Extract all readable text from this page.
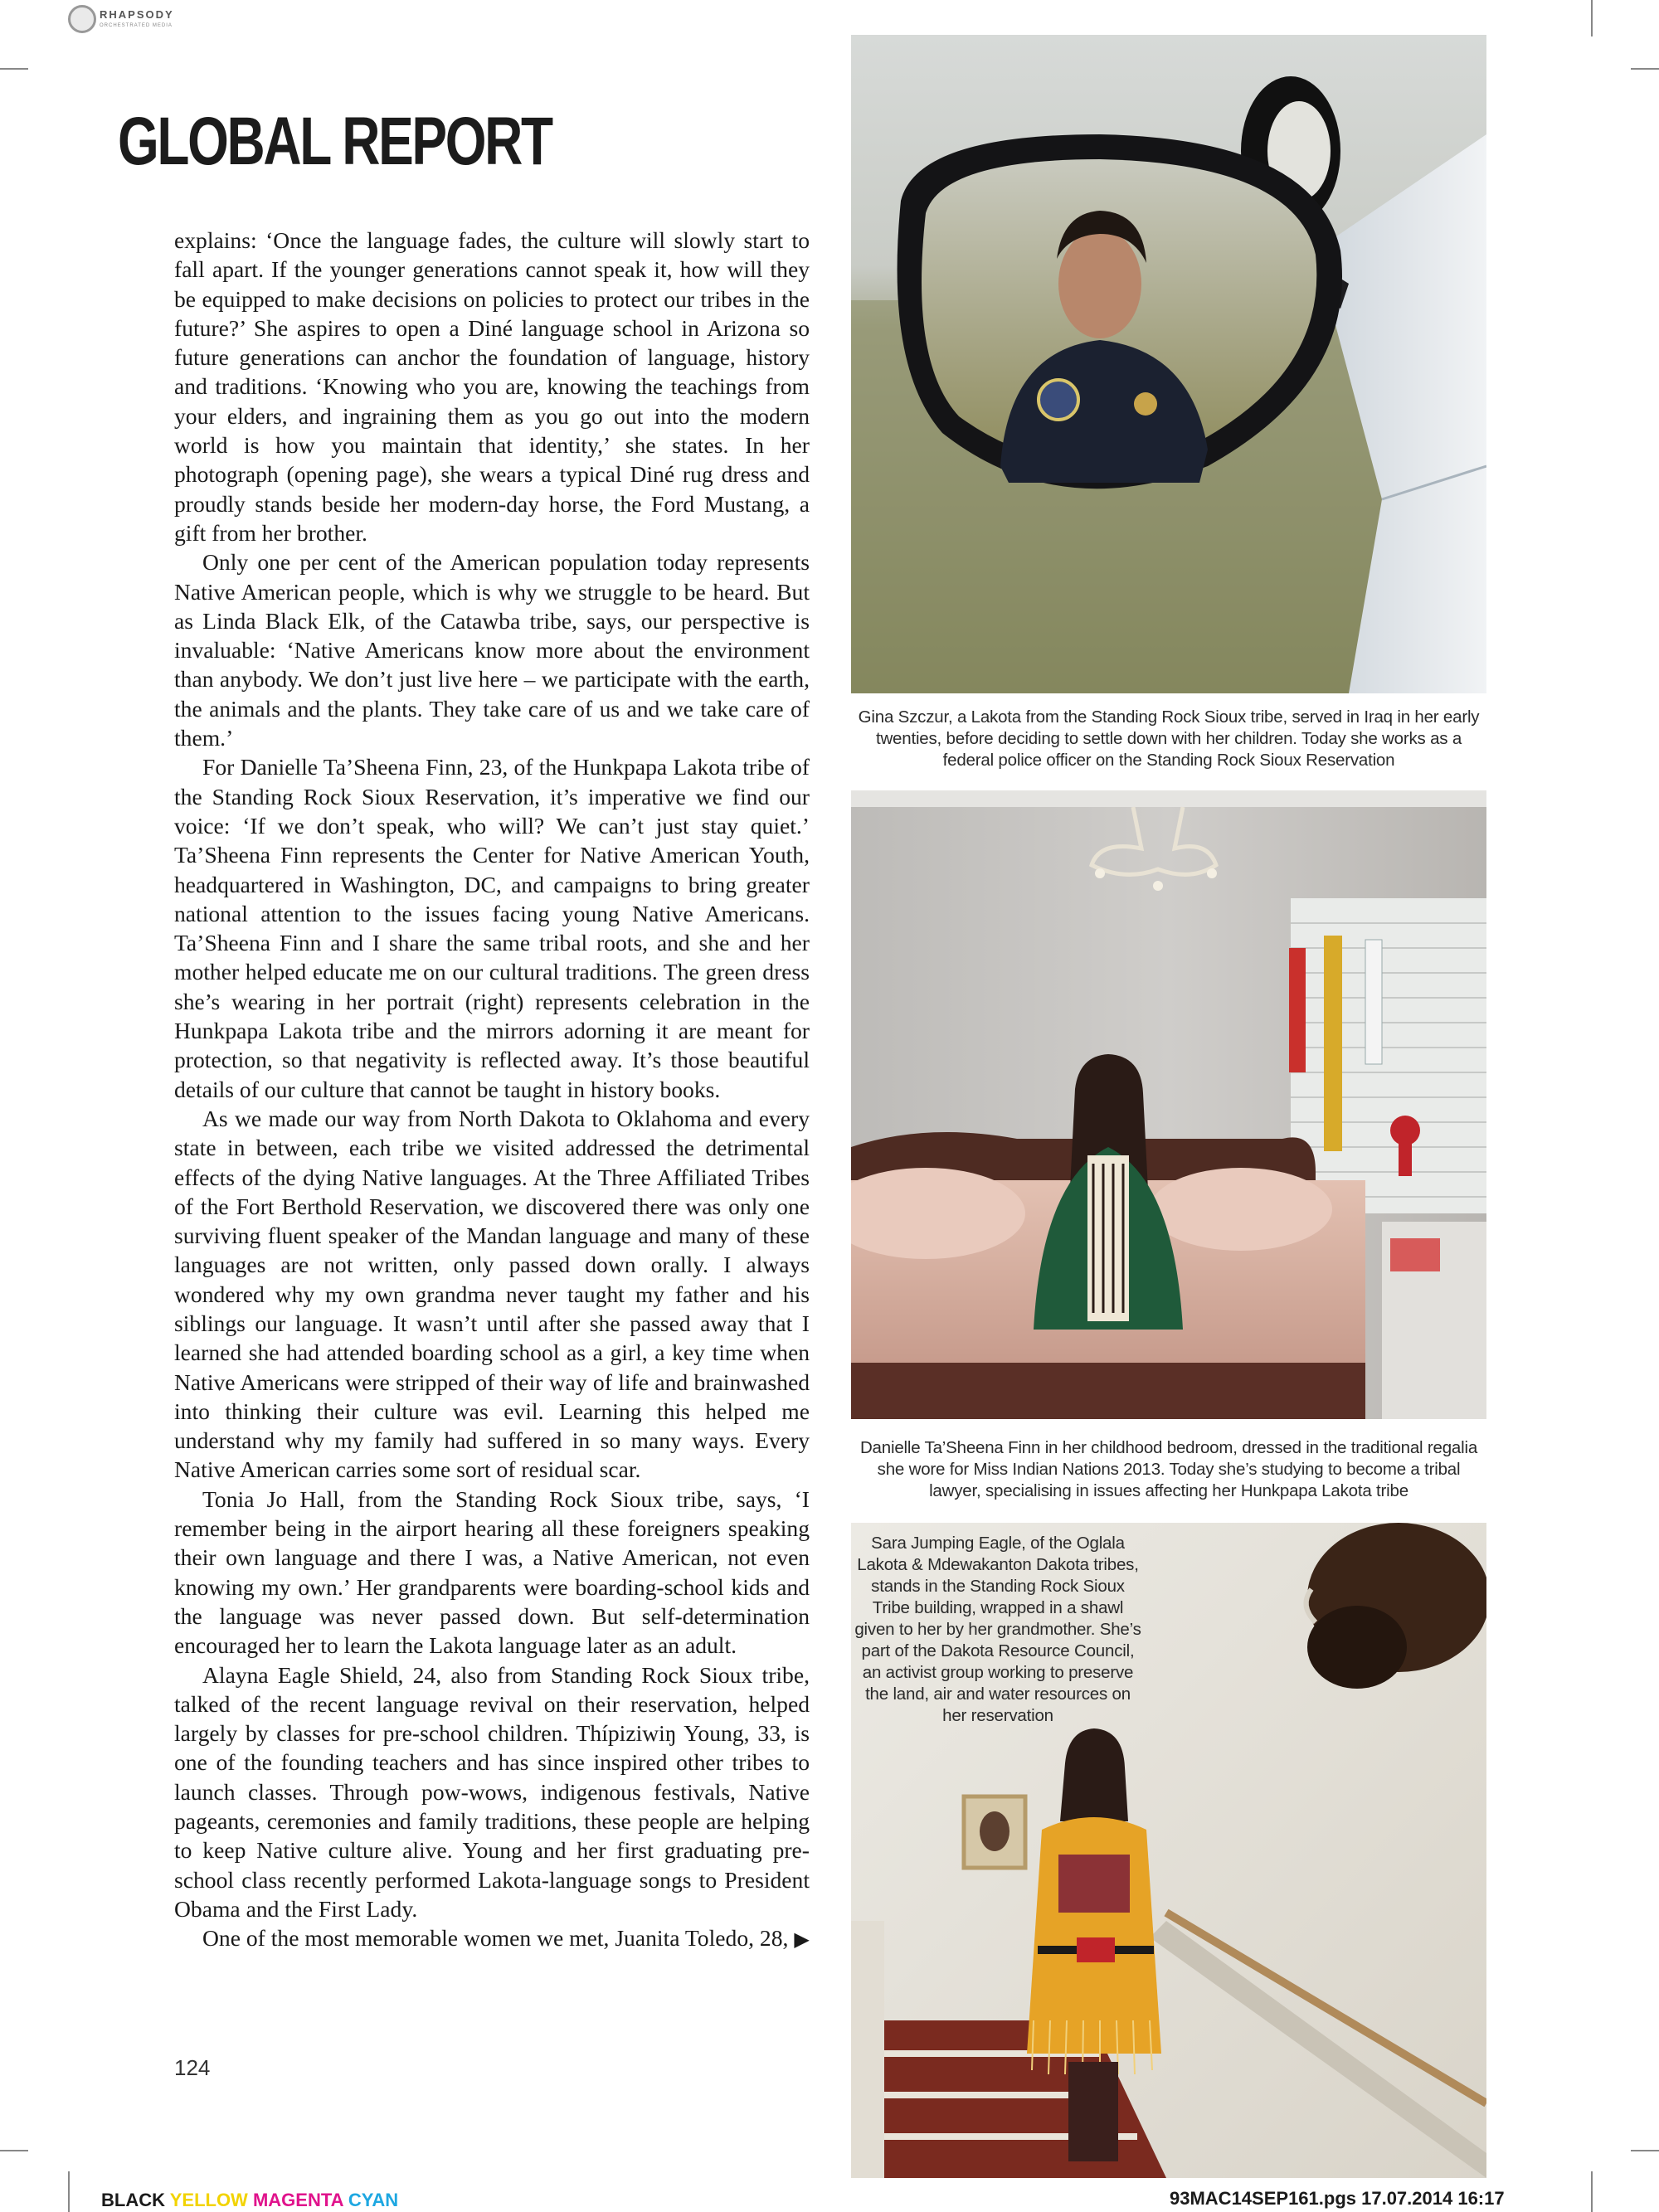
RHAPSODY
ORCHESTRATED MEDIA
GLOBAL REPORT

explains: ‘Once the language fades, the culture will slowly start to fall apart. If the younger generations cannot speak it, how will they be equipped to make decisions on policies to protect our tribes in the future?’ She aspires to open a Diné language school in Arizona so future generations can anchor the foundation of language, history and traditions. ‘Knowing who you are, knowing the teachings from your elders, and ingraining them as you go out into the modern world is how you maintain that identity,’ she states. In her photograph (opening page), she wears a typical Diné rug dress and proudly stands beside her modern-day horse, the Ford Mustang, a gift from her brother.

Only one per cent of the American population today represents Native American people, which is why we struggle to be heard. But as Linda Black Elk, of the Catawba tribe, says, our perspective is invaluable: ‘Native Americans know more about the environment than anybody. We don’t just live here – we participate with the earth, the animals and the plants. They take care of us and we take care of them.’

For Danielle Ta’Sheena Finn, 23, of the Hunkpapa Lakota tribe of the Standing Rock Sioux Reservation, it’s imperative we find our voice: ‘If we don’t speak, who will? We can’t just stay quiet.’ Ta’Sheena Finn represents the Center for Native American Youth, headquartered in Washington, DC, and campaigns to bring greater national attention to the issues facing young Native Americans. Ta’Sheena Finn and I share the same tribal roots, and she and her mother helped educate me on our cultural traditions. The green dress she’s wearing in her portrait (right) represents celebration in the Hunkpapa Lakota tribe and the mirrors adorning it are meant for protection, so that negativity is reflected away. It’s those beautiful details of our culture that cannot be taught in history books.

As we made our way from North Dakota to Oklahoma and every state in between, each tribe we visited addressed the detrimental effects of the dying Native languages. At the Three Affiliated Tribes of the Fort Berthold Reservation, we discovered there was only one surviving fluent speaker of the Mandan language and many of these languages are not written, only passed down orally. I always wondered why my own grandma never taught my father and his siblings our language. It wasn’t until after she passed away that I learned she had attended boarding school as a girl, a key time when Native Americans were stripped of their way of life and brainwashed into thinking their culture was evil. Learning this helped me understand why my family had suffered in so many ways. Every Native American carries some sort of residual scar.

Tonia Jo Hall, from the Standing Rock Sioux tribe, says, ‘I remember being in the airport hearing all these foreigners speaking their own language and there I was, a Native American, not even knowing my own.’ Her grandparents were boarding-school kids and the language was never passed down. But self-determination encouraged her to learn the Lakota language later as an adult.

Alayna Eagle Shield, 24, also from Standing Rock Sioux tribe, talked of the recent language revival on their reservation, helped largely by classes for pre-school children. Thípiziwiŋ Young, 33, is one of the founding teachers and has since inspired other tribes to launch classes. Through pow-wows, indigenous festivals, Native pageants, ceremonies and family traditions, these people are helping to keep Native culture alive. Young and her first graduating pre-school class recently performed Lakota-language songs to President Obama and the First Lady.

One of the most memorable women we met, Juanita Toledo, 28, ▶

124
Gina Szczur, a Lakota from the Standing Rock Sioux tribe, served in Iraq in her early twenties, before deciding to settle down with her children. Today she works as a federal police officer on the Standing Rock Sioux Reservation
Danielle Ta’Sheena Finn in her childhood bedroom, dressed in the traditional regalia she wore for Miss Indian Nations 2013. Today she’s studying to become a tribal lawyer, specialising in issues affecting her Hunkpapa Lakota tribe
Sara Jumping Eagle, of the Oglala Lakota & Mdewakanton Dakota tribes, stands in the Standing Rock Sioux Tribe building, wrapped in a shawl given to her by her grandmother. She’s part of the Dakota Resource Council, an activist group working to preserve the land, air and water resources on her reservation
BLACK YELLOW MAGENTA CYAN	93MAC14SEP161.pgs 17.07.2014 16:17
